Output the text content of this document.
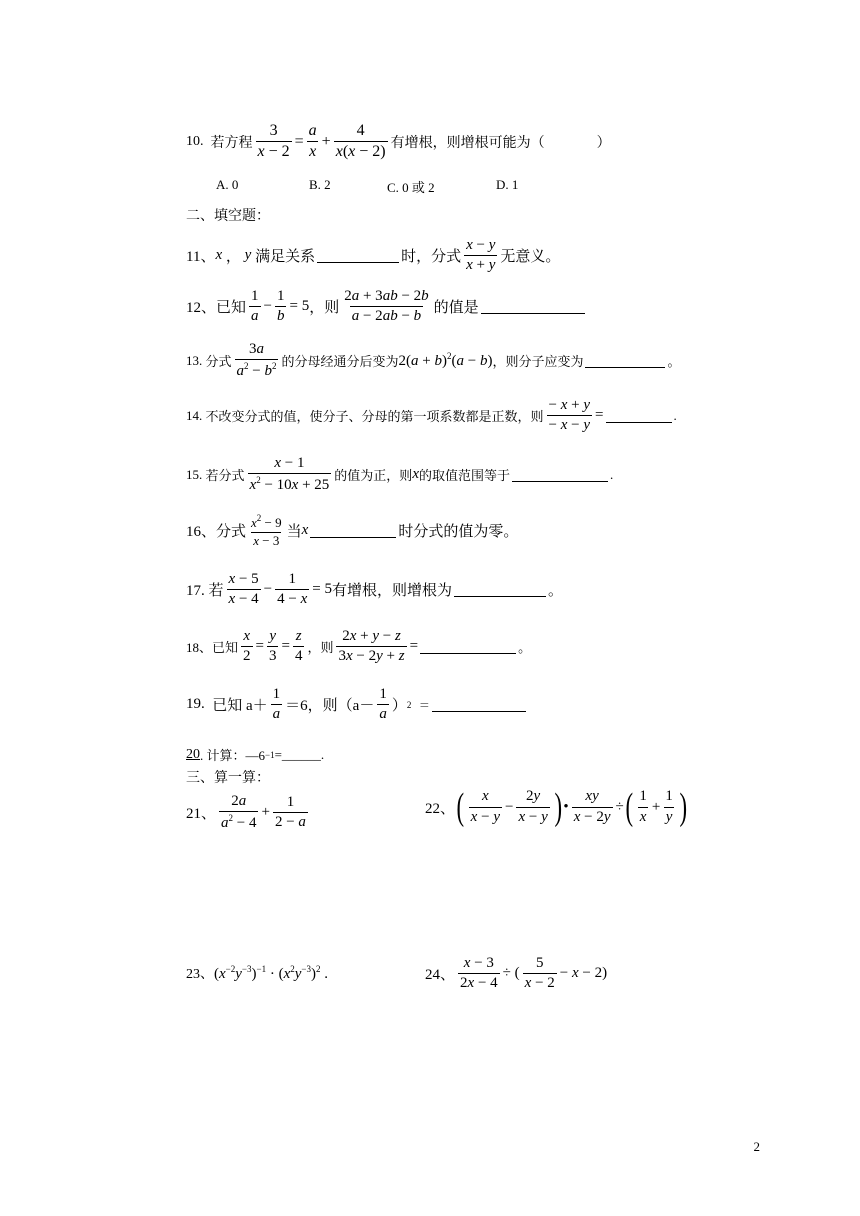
10.
若方程 $\frac{3}{x - 2} = \frac{a}{x} + \frac{4}{x(x - 2)}$ 有增根，则增根可能为（	）
A. 0	B. 2	C. 0 或 2	D. 1
二、填空题：
11、 x ， y
满足关系	时，分式 $\frac{x - y}{x + y}$ 无意义。
12、已知 $\frac{1}{a} - \frac{1}{b} = 5$ ，则 $\frac{2a + 3ab - 2b}{a - 2ab - b}$ 的值是
13.
分式 $\frac{3a}{a^2 - b^2}$ 的分母经通分后变为 $2(a + b)^2(a - b)$ ，则分子应变为	。
14.
不改变分式的值，使分子、分母的第一项系数都是正数，则 $\frac{- x + y}{- x - y}$ =	.
15.
若分式 $\frac{x - 1}{x^2 - 10x + 25}$ 的值为正，则 x 的取值范围等于	.
16、分式 $\frac{x^2 - 9}{x - 3}$ 当 x	时分式的值为零。
17. 若 $\frac{x - 5}{x - 4} - \frac{1}{4 - x} = 5$ 有增根，则增根为	。
18、已知 $\frac{x}{2} = \frac{y}{3} = \frac{z}{4}$ ，则 $\frac{2x + y - z}{3x - 2y + z}$ =	。
19.
已知 $a+ \frac{1}{a} =6$，则（$a- \frac{1}{a}$ ） 2
＝
20 . 计算：—6 −1 =______.
三、算一算：
21、 $\frac{2a}{a^2 - 4} + \frac{1}{2 - a}$	22、 ( $\frac{x}{x - y} - \frac{2y}{x - y}$ ) • $\frac{xy}{x - 2y}$ ÷ ( $\frac{1}{x} + \frac{1}{y}$ )
23、 $(x^{-2}y^{-3})^{-1} \cdot (x^2y^{-3})^2$ .	24、 $\frac{x - 3}{2x - 4}$ ÷ ( $\frac{5}{x - 2} - x - 2$)
2
